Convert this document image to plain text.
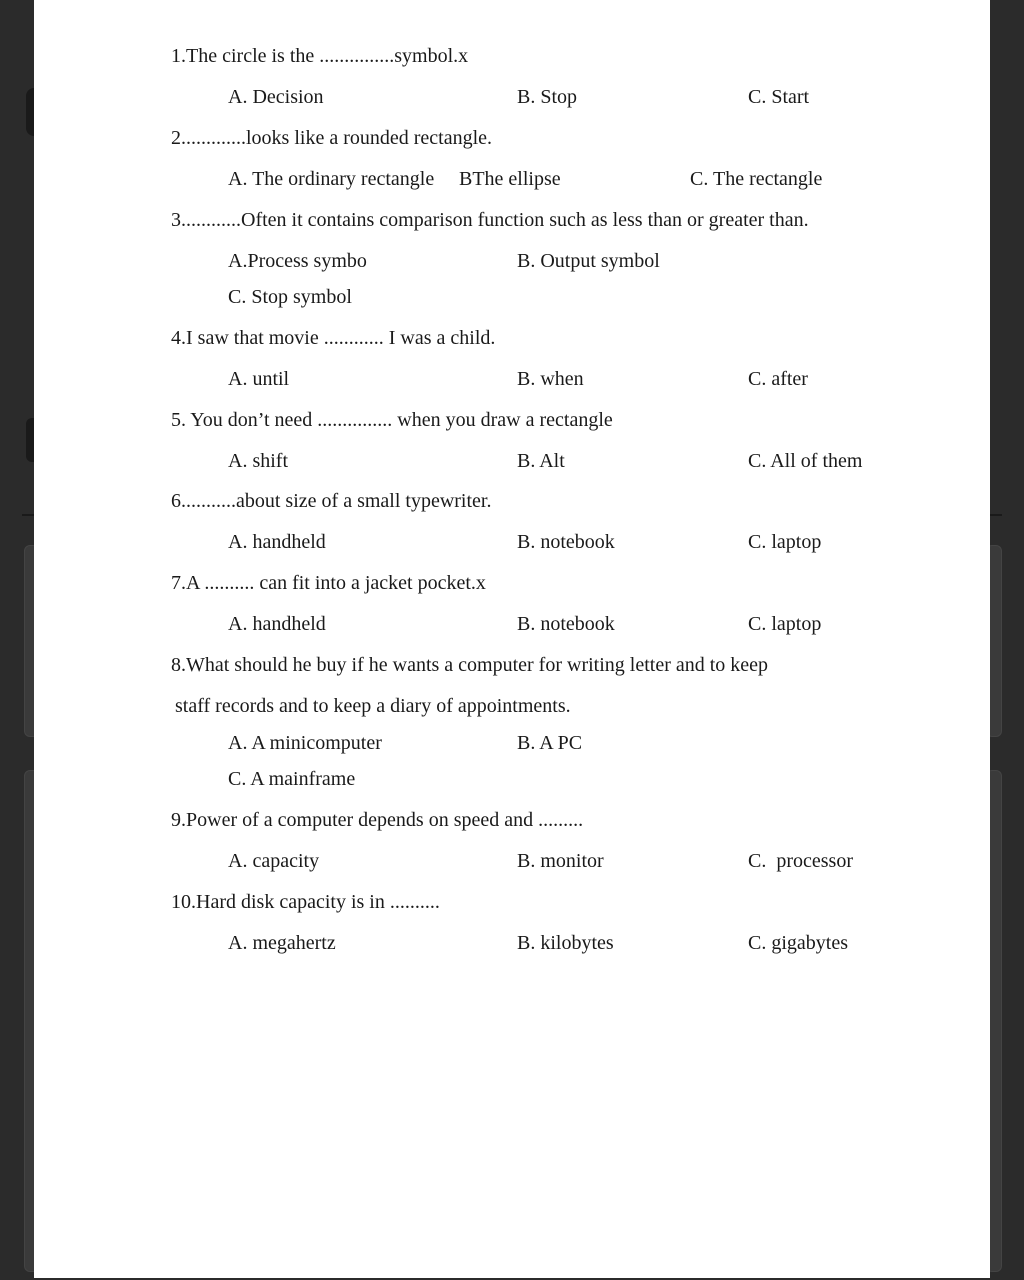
1.The circle is the ...............symbol.x
A. Decision	B. Stop	C. Start
2.............looks like a rounded rectangle.
A. The ordinary rectangle BThe ellipse	C. The rectangle
3............Often it contains comparison function such as less than or greater than.
A.Process symbo	B. Output symbol
C. Stop symbol
4.I saw that movie ............ I was a child.
A. until	B. when	C. after
5. You don’t need ............... when you draw a rectangle
A. shift	B. Alt	C. All of them
6...........about size of a small typewriter.
A. handheld	B. notebook	C. laptop
7.A .......... can fit into a jacket pocket.x
A. handheld	B. notebook	C. laptop
8.What should he buy if he wants a computer for writing letter and to keep
staff records and to keep a diary of appointments.
A. A minicomputer	B. A PC
C. A mainframe
9.Power of a computer depends on speed and .........
A. capacity	B. monitor	C.  processor
10.Hard disk capacity is in ..........
A. megahertz	B. kilobytes	C. gigabytes
